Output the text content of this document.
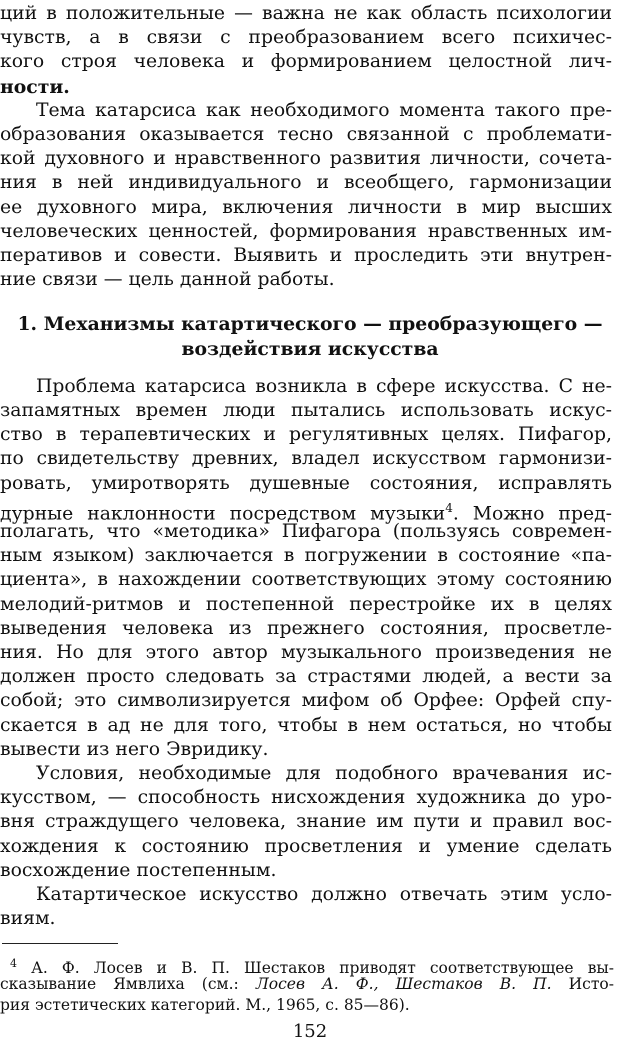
ций в положительные — важна не как область психологии
чувств, а в связи с преобразованием всего психичес-
кого строя человека и формированием целостной лич-
ности.
Тема катарсиса как необходимого момента такого пре-
образования оказывается тесно связанной с проблемати-
кой духовного и нравственного развития личности, сочета-
ния в ней индивидуального и всеобщего, гармонизации
ее духовного мира, включения личности в мир высших
человеческих ценностей, формирования нравственных им-
перативов и совести. Выявить и проследить эти внутрен-
ние связи — цель данной работы.
1. Механизмы катартического — преобразующего —
воздействия искусства
Проблема катарсиса возникла в сфере искусства. С не-
запамятных времен люди пытались использовать искус-
ство в терапевтических и регулятивных целях. Пифагор,
по свидетельству древних, владел искусством гармонизи-
ровать, умиротворять душевные состояния, исправлять
дурные наклонности посредством музыки$^4$. Можно пред-
полагать, что «методика» Пифагора (пользуясь современ-
ным языком) заключается в погружении в состояние «па-
циента», в нахождении соответствующих этому состоянию
мелодий-ритмов и постепенной перестройке их в целях
выведения человека из прежнего состояния, просветле-
ния. Но для этого автор музыкального произведения не
должен просто следовать за страстями людей, а вести за
собой; это символизируется мифом об Орфее: Орфей спу-
скается в ад не для того, чтобы в нем остаться, но чтобы
вывести из него Эвридику.
Условия, необходимые для подобного врачевания ис-
кусством, — способность нисхождения художника до уро-
вня страждущего человека, знание им пути и правил вос-
хождения к состоянию просветления и умение сделать
восхождение постепенным.
Катартическое искусство должно отвечать этим усло-
виям.
152
$^4$ А. Ф. Лосев и В. П. Шестаков приводят соответствующее вы-
сказывание Ямвлиха (см.: Лосев А. Ф., Шестаков В. П. Исто-
рия эстетических категорий. М., 1965, с. 85—86).
